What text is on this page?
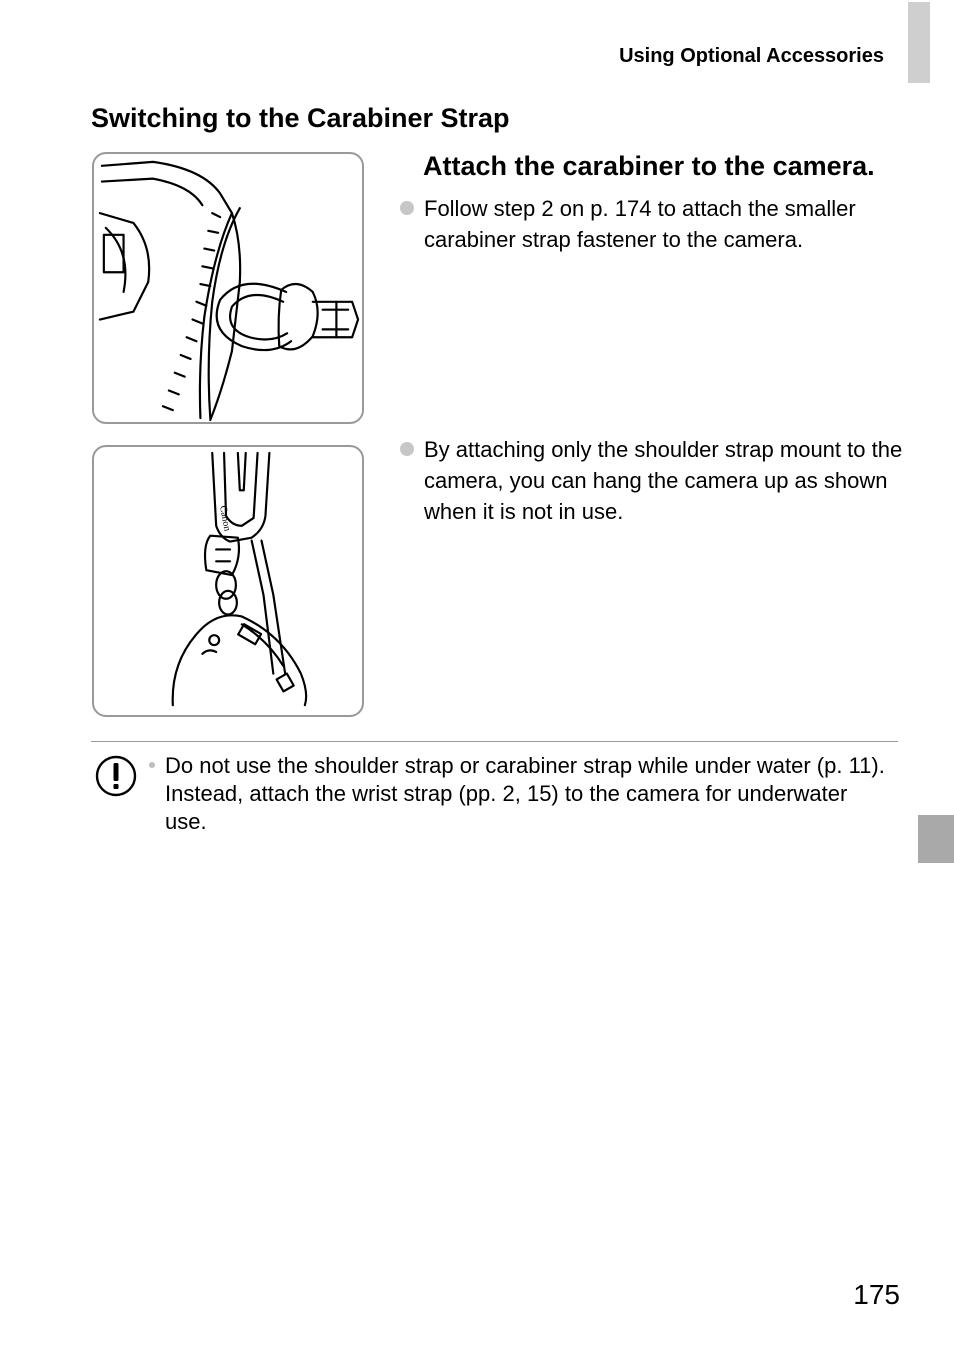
Using Optional Accessories
Switching to the Carabiner Strap
Canon
Attach the carabiner to the camera.
Follow step 2 on p. 174 to attach the smaller carabiner strap fastener to the camera.
By attaching only the shoulder strap mount to the camera, you can hang the camera up as shown when it is not in use.
Do not use the shoulder strap or carabiner strap while under water (p. 11). Instead, attach the wrist strap (pp. 2, 15) to the camera for underwater use.
175
